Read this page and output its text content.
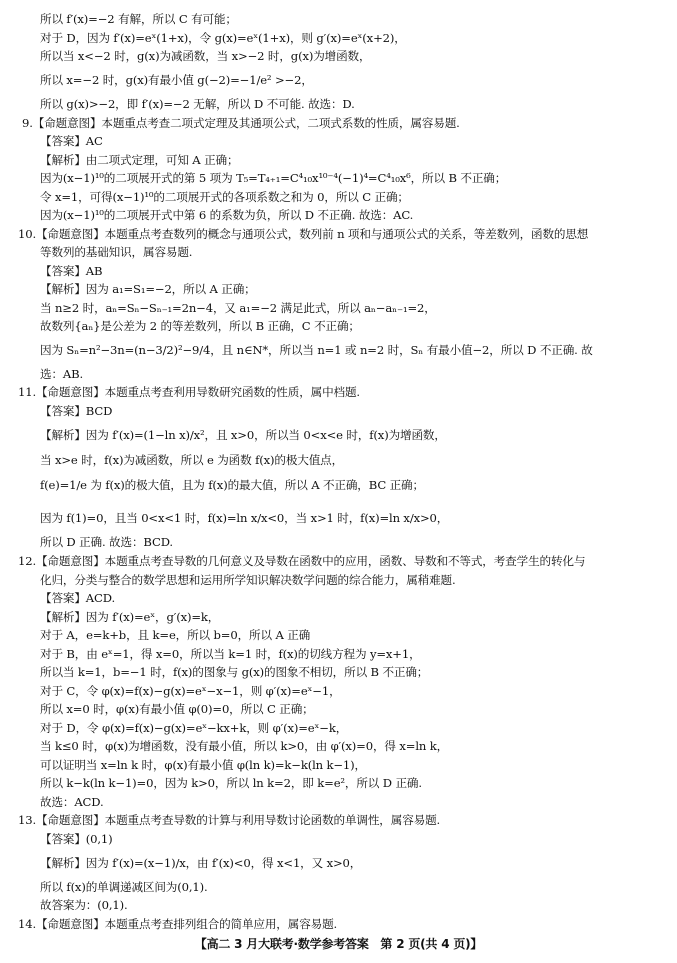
所以 f′(x)=−2 有解，所以 C 有可能；
对于 D，因为 f′(x)=eˣ(1+x)，令 g(x)=eˣ(1+x)，则 g′(x)=eˣ(x+2)，
所以当 x<−2 时，g(x)为减函数，当 x>−2 时，g(x)为增函数，
所以 x=−2 时，g(x)有最小值 g(−2)=−1/e² >−2，
所以 g(x)>−2，即 f′(x)=−2 无解，所以 D 不可能. 故选：D.
9.【命题意图】本题重点考查二项式定理及其通项公式，二项式系数的性质，属容易题.
【答案】AC
【解析】由二项式定理，可知 A 正确；
因为(x−1)¹⁰的二项展开式的第 5 项为 T₅=T₄₊₁=C⁴₁₀x¹⁰⁻⁴(−1)⁴=C⁴₁₀x⁶，所以 B 不正确；
令 x=1，可得(x−1)¹⁰的二项展开式的各项系数之和为 0，所以 C 正确；
因为(x−1)¹⁰的二项展开式中第 6 的系数为负，所以 D 不正确. 故选：AC.
10.【命题意图】本题重点考查数列的概念与通项公式，数列前 n 项和与通项公式的关系，等差数列，函数的思想
等数列的基础知识，属容易题.
【答案】AB
【解析】因为 a₁=S₁=−2，所以 A 正确；
当 n≥2 时，aₙ=Sₙ−Sₙ₋₁=2n−4，又 a₁=−2 满足此式，所以 aₙ−aₙ₋₁=2，
故数列{aₙ}是公差为 2 的等差数列，所以 B 正确，C 不正确；
因为 Sₙ=n²−3n=(n−3/2)²−9/4，且 n∈N*，所以当 n=1 或 n=2 时，Sₙ 有最小值−2，所以 D 不正确. 故
选：AB.
11.【命题意图】本题重点考查利用导数研究函数的性质，属中档题.
【答案】BCD
【解析】因为 f′(x)=(1−ln x)/x²，且 x>0，所以当 0<x<e 时，f(x)为增函数，
当 x>e 时，f(x)为减函数，所以 e 为函数 f(x)的极大值点，
f(e)=1/e 为 f(x)的极大值，且为 f(x)的最大值，所以 A 不正确，BC 正确；
因为 f(1)=0，且当 0<x<1 时，f(x)=ln x/x<0，当 x>1 时，f(x)=ln x/x>0，
所以 D 正确. 故选：BCD.
12.【命题意图】本题重点考查导数的几何意义及导数在函数中的应用，函数、导数和不等式，考查学生的转化与
化归，分类与整合的数学思想和运用所学知识解决数学问题的综合能力，属稍难题.
【答案】ACD.
【解析】因为 f′(x)=eˣ，g′(x)=k，
对于 A，e=k+b，且 k=e，所以 b=0，所以 A 正确
对于 B，由 eˣ=1，得 x=0，所以当 k=1 时，f(x)的切线方程为 y=x+1，
所以当 k=1，b=−1 时，f(x)的图象与 g(x)的图象不相切，所以 B 不正确；
对于 C，令 φ(x)=f(x)−g(x)=eˣ−x−1，则 φ′(x)=eˣ−1，
所以 x=0 时，φ(x)有最小值 φ(0)=0，所以 C 正确；
对于 D，令 φ(x)=f(x)−g(x)=eˣ−kx+k，则 φ′(x)=eˣ−k，
当 k≤0 时，φ(x)为增函数，没有最小值，所以 k>0，由 φ′(x)=0，得 x=ln k，
可以证明当 x=ln k 时，φ(x)有最小值 φ(ln k)=k−k(ln k−1)，
所以 k−k(ln k−1)=0，因为 k>0，所以 ln k=2，即 k=e²，所以 D 正确.
故选：ACD.
13.【命题意图】本题重点考查导数的计算与利用导数讨论函数的单调性，属容易题.
【答案】(0,1)
【解析】因为 f′(x)=(x−1)/x，由 f′(x)<0，得 x<1，又 x>0，
所以 f(x)的单调递减区间为(0,1).
故答案为：(0,1).
14.【命题意图】本题重点考查排列组合的简单应用，属容易题.
【高二 3 月大联考·数学参考答案　第 2 页(共 4 页)】
